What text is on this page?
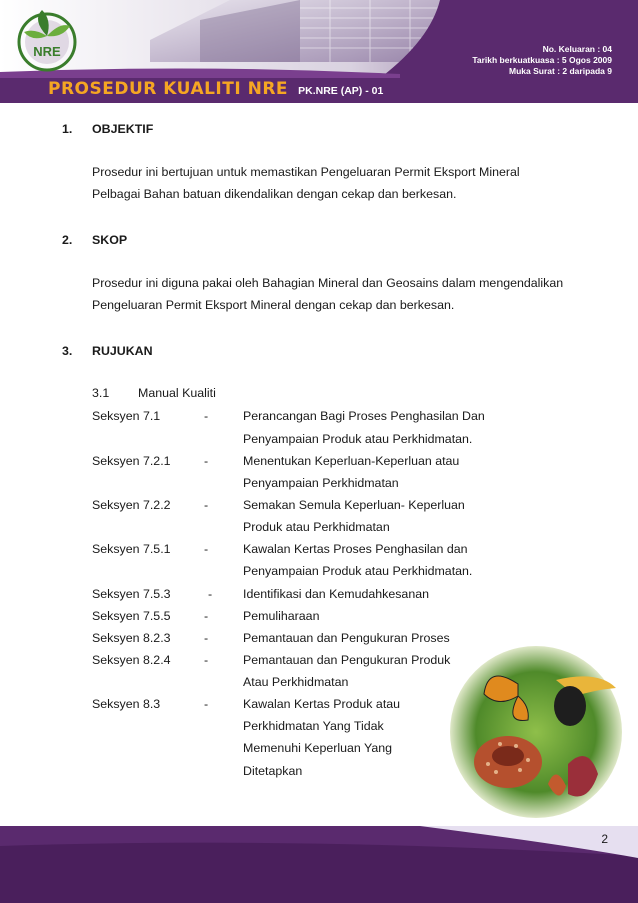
NRE	No. Keluaran : 04
Tarikh berkuatkuasa : 5 Ogos 2009
Muka Surat : 2 daripada 9
PROSEDUR KUALITI NRE PK.NRE (AP) - 01
1. OBJEKTIF
Prosedur ini bertujuan untuk memastikan Pengeluaran Permit Eksport Mineral
Pelbagai Bahan batuan dikendalikan dengan cekap dan berkesan.
2. SKOP
Prosedur ini diguna pakai oleh Bahagian Mineral dan Geosains dalam mengendalikan
Pengeluaran Permit Eksport Mineral dengan cekap dan berkesan.
3. RUJUKAN
3.1 Manual Kualiti
Seksyen 7.1	-	Perancangan Bagi Proses Penghasilan Dan
Penyampaian Produk atau Perkhidmatan.
Seksyen 7.2.1	-	Menentukan Keperluan-Keperluan atau
Penyampaian Perkhidmatan
Seksyen 7.2.2	-	Semakan Semula Keperluan- Keperluan
Produk atau Perkhidmatan
Seksyen 7.5.1	-	Kawalan Kertas Proses Penghasilan dan
Penyampaian Produk atau Perkhidmatan.
Seksyen 7.5.3	- Identifikasi dan Kemudahkesanan
Seksyen 7.5.5	-	Pemuliharaan
Seksyen 8.2.3	-	Pemantauan dan Pengukuran Proses
Seksyen 8.2.4	-	Pemantauan dan Pengukuran Produk
Atau Perkhidmatan
Seksyen 8.3	-	Kawalan Kertas Produk atau
Perkhidmatan Yang Tidak
Memenuhi Keperluan Yang
Ditetapkan
2
